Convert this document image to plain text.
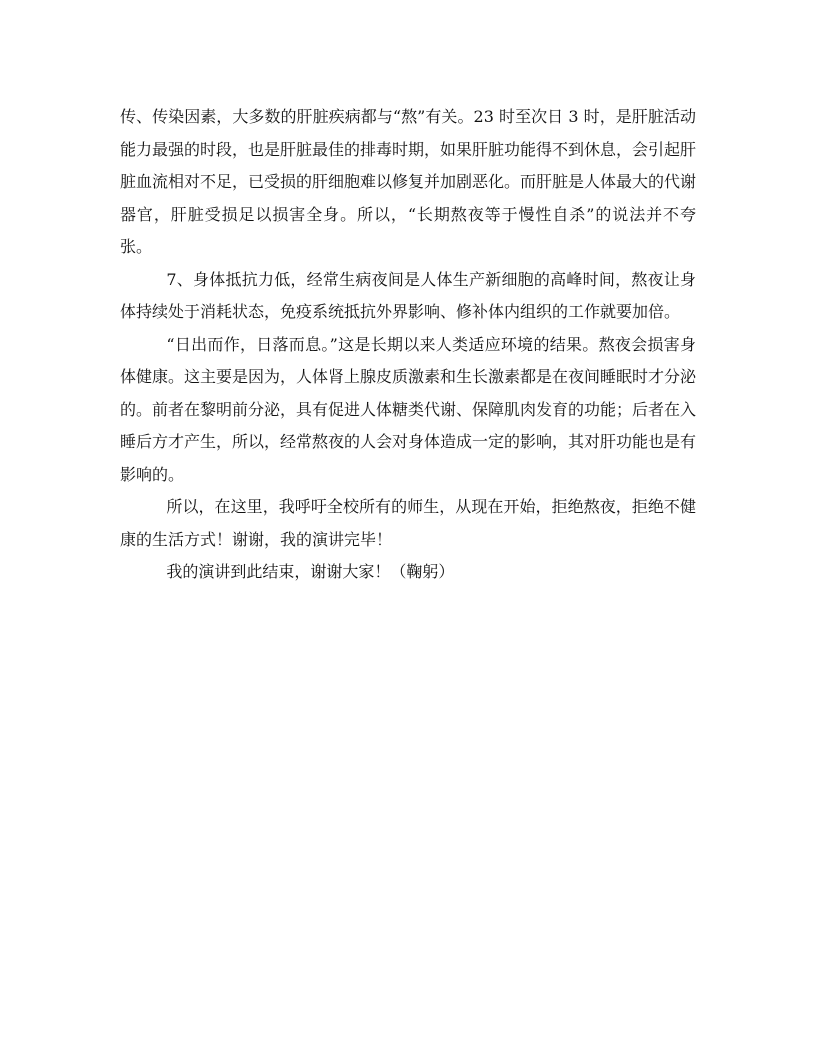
传、传染因素，大多数的肝脏疾病都与“熬”有关。23 时至次日 3 时，是肝脏活动能力最强的时段，也是肝脏最佳的排毒时期，如果肝脏功能得不到休息，会引起肝脏血流相对不足，已受损的肝细胞难以修复并加剧恶化。而肝脏是人体最大的代谢器官，肝脏受损足以损害全身。所以，“长期熬夜等于慢性自杀”的说法并不夸张。

7、身体抵抗力低，经常生病夜间是人体生产新细胞的高峰时间，熬夜让身体持续处于消耗状态，免疫系统抵抗外界影响、修补体内组织的工作就要加倍。

“日出而作，日落而息。”这是长期以来人类适应环境的结果。熬夜会损害身体健康。这主要是因为，人体肾上腺皮质激素和生长激素都是在夜间睡眠时才分泌的。前者在黎明前分泌，具有促进人体糖类代谢、保障肌肉发育的功能；后者在入睡后方才产生，所以，经常熬夜的人会对身体造成一定的影响，其对肝功能也是有影响的。

所以，在这里，我呼吁全校所有的师生，从现在开始，拒绝熬夜，拒绝不健康的生活方式！谢谢，我的演讲完毕！

我的演讲到此结束，谢谢大家！（鞠躬）
